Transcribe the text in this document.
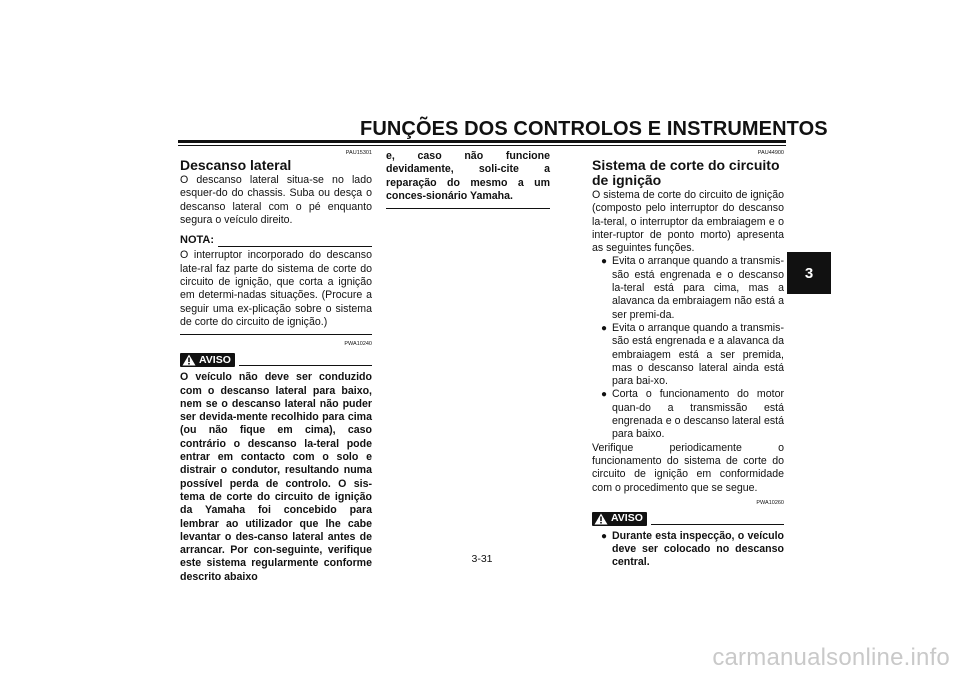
FUNÇÕES DOS CONTROLOS E INSTRUMENTOS
3
PAU15301
Descanso lateral
O descanso lateral situa-se no lado esquer-do do chassis. Suba ou desça o descanso lateral com o pé enquanto segura o veículo direito.
NOTA:
O interruptor incorporado do descanso late-ral faz parte do sistema de corte do circuito de ignição, que corta a ignição em determi-nadas situações. (Procure a seguir uma ex-plicação sobre o sistema de corte do circuito de ignição.)
PWA10240
AVISO
O veículo não deve ser conduzido com o descanso lateral para baixo, nem se o descanso lateral não puder ser devida-mente recolhido para cima (ou não fique em cima), caso contrário o descanso la-teral pode entrar em contacto com o solo e distrair o condutor, resultando numa possível perda de controlo. O sis-tema de corte do circuito de ignição da Yamaha foi concebido para lembrar ao utilizador que lhe cabe levantar o des-canso lateral antes de arrancar. Por con-seguinte, verifique este sistema regularmente conforme descrito abaixo
e, caso não funcione devidamente, soli-cite a reparação do mesmo a um conces-sionário Yamaha.
PAU44900
Sistema de corte do circuito de ignição
O sistema de corte do circuito de ignição (composto pelo interruptor do descanso la-teral, o interruptor da embraiagem e o inter-ruptor de ponto morto) apresenta as seguintes funções.
● Evita o arranque quando a transmis-são está engrenada e o descanso la-teral está para cima, mas a alavanca da embraiagem não está a ser premi-da.
● Evita o arranque quando a transmis-são está engrenada e a alavanca da embraiagem está a ser premida, mas o descanso lateral ainda está para bai-xo.
● Corta o funcionamento do motor quan-do a transmissão está engrenada e o descanso lateral está para baixo.
Verifique periodicamente o funcionamento do sistema de corte do circuito de ignição em conformidade com o procedimento que se segue.
PWA10260
AVISO
● Durante esta inspecção, o veículo deve ser colocado no descanso central.
3-31
carmanualsonline.info
